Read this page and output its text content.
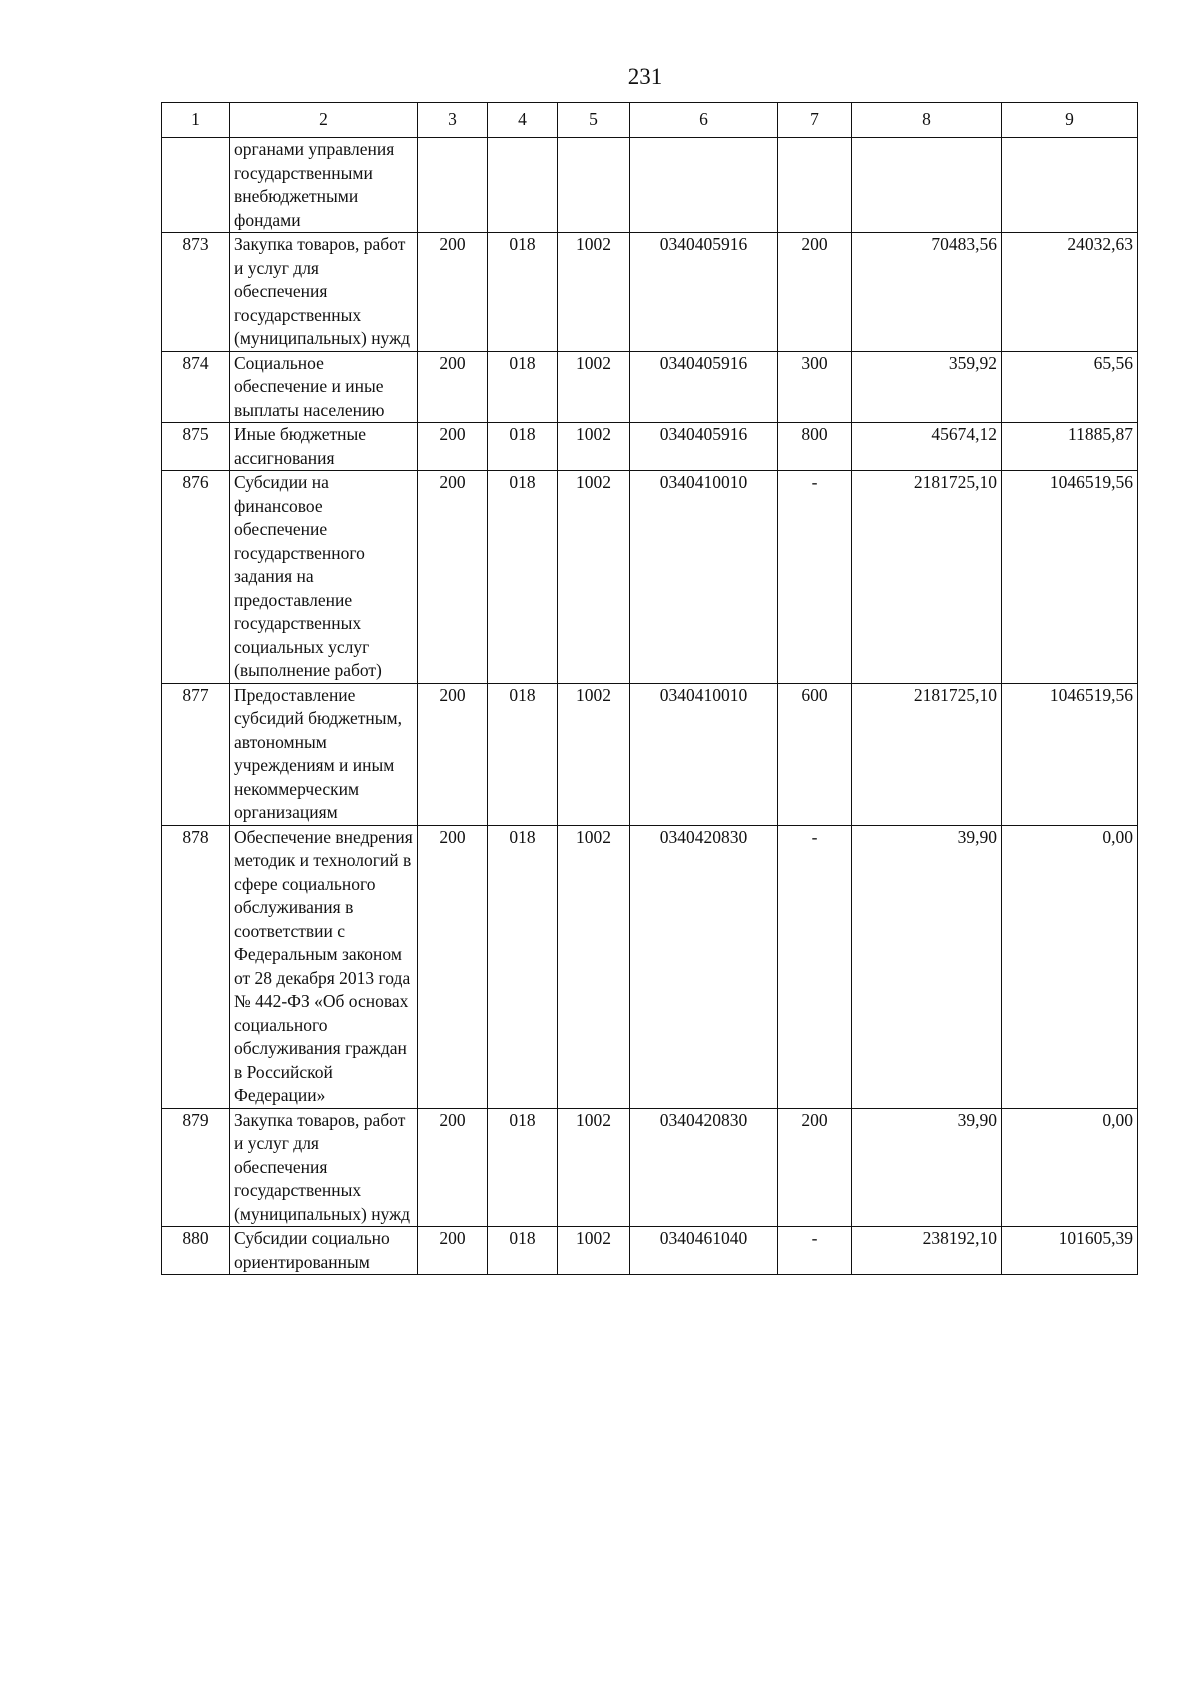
231
1	2	3	4	5	6	7	8	9
	органами управления государственными внебюджетными фондами							
873	Закупка товаров, работ и услуг для обеспечения государственных (муниципальных) нужд	200	018	1002	0340405916	200	70483,56	24032,63
874	Социальное обеспечение и иные выплаты населению	200	018	1002	0340405916	300	359,92	65,56
875	Иные бюджетные ассигнования	200	018	1002	0340405916	800	45674,12	11885,87
876	Субсидии на финансовое обеспечение государственного задания на предоставление государственных социальных услуг (выполнение работ)	200	018	1002	0340410010	-	2181725,10	1046519,56
877	Предоставление субсидий бюджетным, автономным учреждениям и иным некоммерческим организациям	200	018	1002	0340410010	600	2181725,10	1046519,56
878	Обеспечение внедрения методик и технологий в сфере социального обслуживания в соответствии с Федеральным законом от 28 декабря 2013 года № 442-ФЗ «Об основах социального обслуживания граждан в Российской Федерации»	200	018	1002	0340420830	-	39,90	0,00
879	Закупка товаров, работ и услуг для обеспечения государственных (муниципальных) нужд	200	018	1002	0340420830	200	39,90	0,00
880	Субсидии социально ориентированным	200	018	1002	0340461040	-	238192,10	101605,39
